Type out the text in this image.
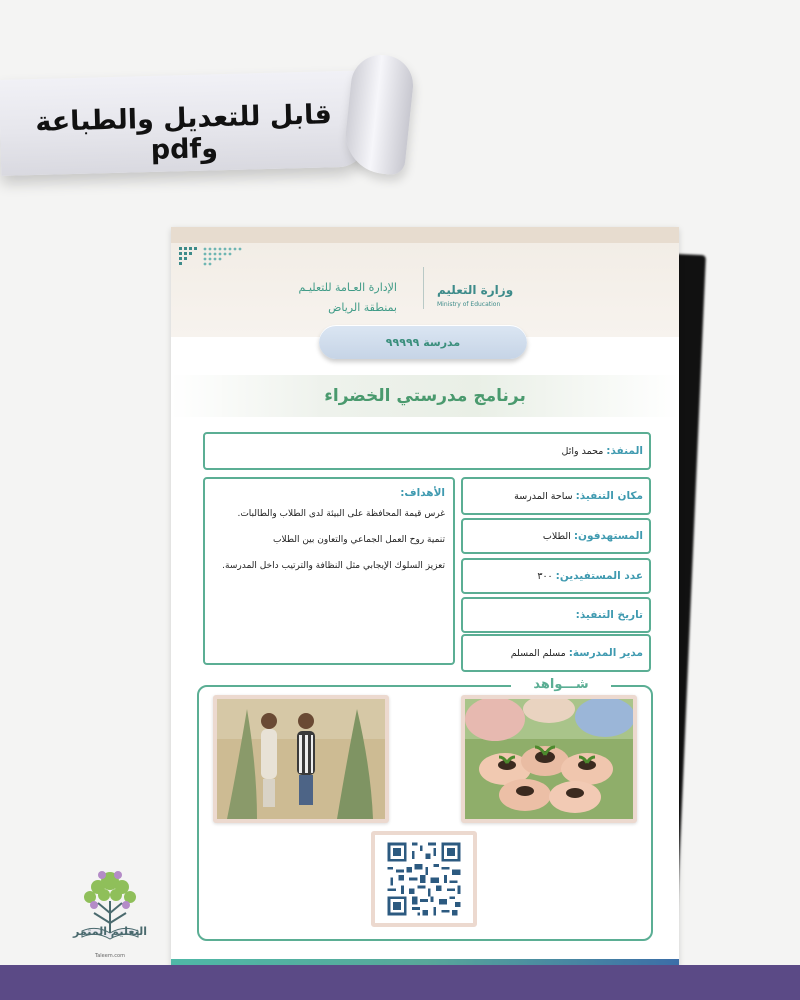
قابل للتعديل والطباعة وpdf
وزارة التعليم
Ministry of Education
الإدارة العـامة للتعليـم
بمنطقة الرياض
مدرسة ٩٩٩٩٩
برنامج مدرستي الخضراء
المنفذ:
محمد وائل
مكان التنفيذ:
ساحة المدرسة
المستهدفون:
الطلاب
عدد المستفيدين:
٣٠٠
تاريخ التنفيذ:
مدير المدرسة:
مسلم المسلم
الأهداف:
غرس قيمة المحافظة على البيئة لدى الطلاب والطالبات.
تنمية روح العمل الجماعي والتعاون بين الطلاب
تعزيز السلوك الإيجابي مثل النظافة والترتيب داخل المدرسة.
شـــواهد
التعليم المثمر
Taleem.com
